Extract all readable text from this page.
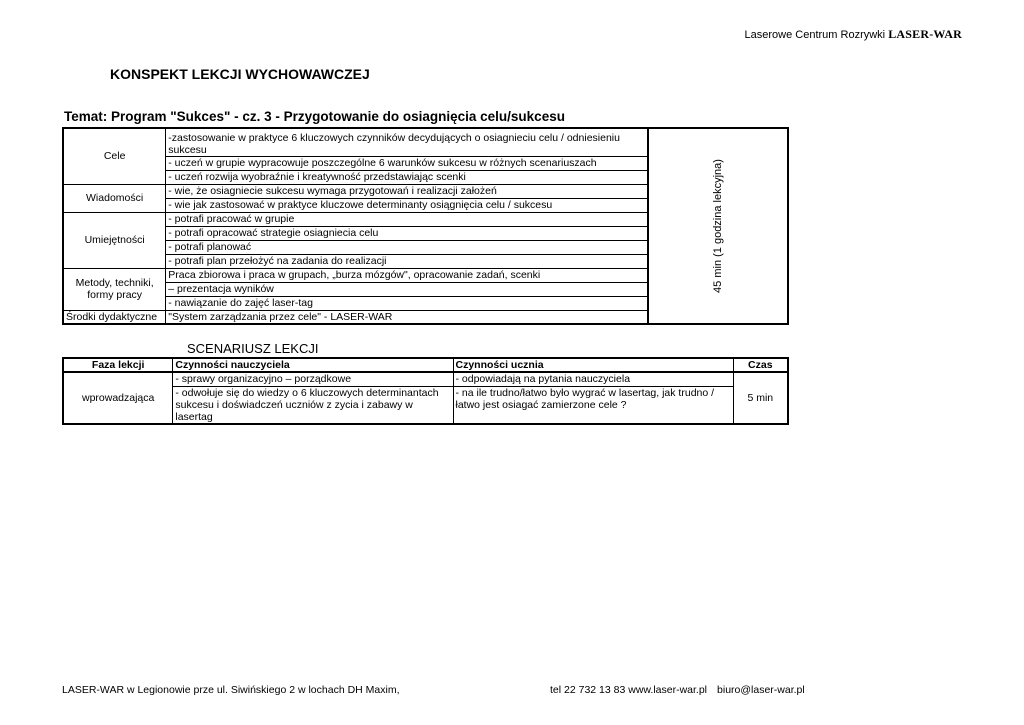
Laserowe Centrum Rozrywki LASER-WAR
KONSPEKT LEKCJI WYCHOWAWCZEJ
Temat: Program "Sukces" - cz. 3 - Przygotowanie do osiagnięcia celu/sukcesu
Cele	-zastosowanie w praktyce 6 kluczowych czynników decydujących o osiagnieciu celu / odniesieniu sukcesu	45 min (1 godzina lekcyjna)
	- uczeń w grupie wypracowuje poszczególne 6 warunków sukcesu w różnych scenariuszach	
	- uczeń rozwija wyobraźnie i kreatywność przedstawiając scenki	
Wiadomości	- wie, że osiagniecie sukcesu wymaga przygotowań i realizacji założeń	
	- wie jak zastosować w praktyce kluczowe determinanty osiągnięcia celu / sukcesu	
Umiejętności	- potrafi pracować w grupie	
	- potrafi opracować strategie osiagniecia celu	
	- potrafi planować	
	- potrafi plan przełożyć na zadania do realizacji	
Metody, techniki, formy pracy	Praca zbiorowa i praca w grupach, „burza mózgów", opracowanie zadań, scenki	
	– prezentacja wyników	
	- nawiązanie do zajęć laser-tag	
Środki dydaktyczne	"System zarządzania przez cele" - LASER-WAR	
SCENARIUSZ LEKCJI
Faza lekcji	Czynności nauczyciela	Czynności ucznia	Czas
wprowadzająca	- sprawy organizacyjno – porządkowe	- odpowiadają na pytania nauczyciela	5 min
	- odwołuje się do wiedzy o 6 kluczowych determinantach sukcesu i doświadczeń uczniów z zycia i zabawy w lasertag	- na ile trudno/łatwo było wygrać w lasertag, jak trudno / łatwo jest osiagać zamierzone cele ?	
LASER-WAR w Legionowie prze ul. Siwińskiego 2 w lochach DH Maxim,	tel 22 732 13 83 www.laser-war.pl biuro@laser-war.pl
